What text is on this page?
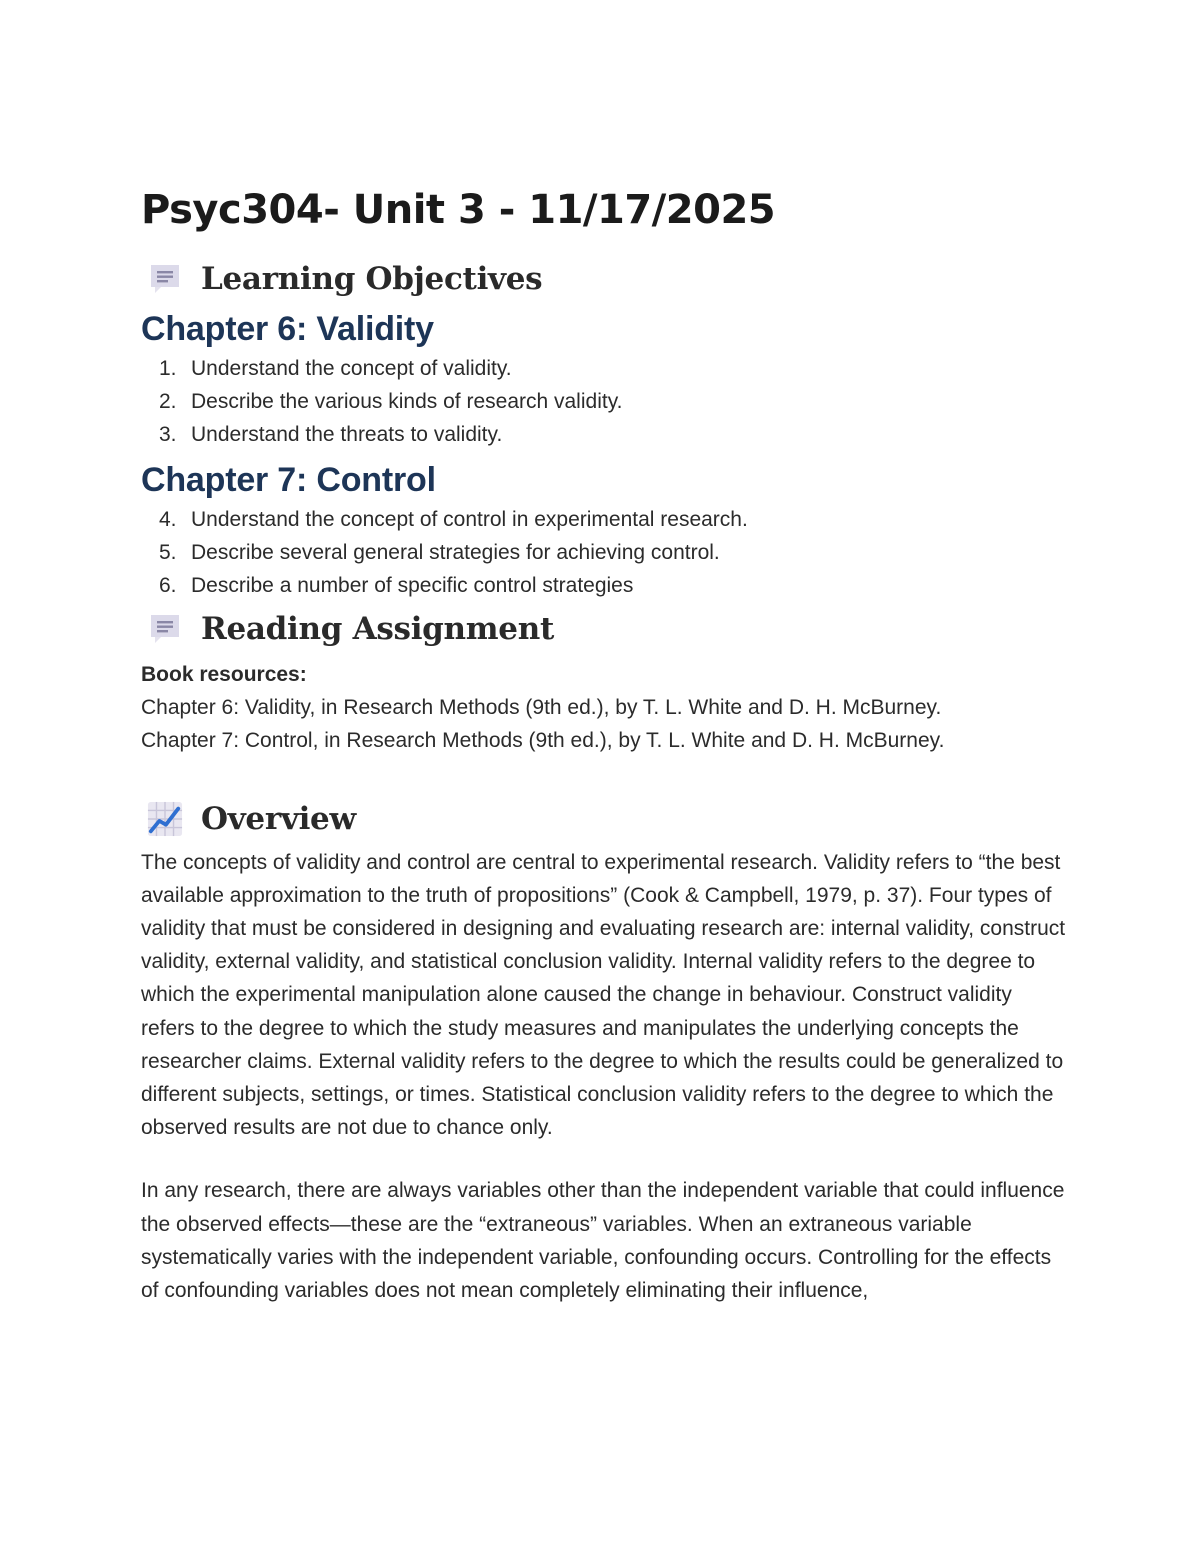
Psyc304- Unit 3 - 11/17/2025
Learning Objectives
Chapter 6: Validity
1. Understand the concept of validity.
2. Describe the various kinds of research validity.
3. Understand the threats to validity.
Chapter 7: Control
4. Understand the concept of control in experimental research.
5. Describe several general strategies for achieving control.
6. Describe a number of specific control strategies
Reading Assignment

Book resources:

Chapter 6: Validity, in Research Methods (9th ed.), by T. L. White and D. H. McBurney.

Chapter 7: Control, in Research Methods (9th ed.), by T. L. White and D. H. McBurney.

Overview

The concepts of validity and control are central to experimental research. Validity refers to “the best available approximation to the truth of propositions” (Cook & Campbell, 1979, p. 37). Four types of validity that must be considered in designing and evaluating research are: internal validity, construct validity, external validity, and statistical conclusion validity. Internal validity refers to the degree to which the experimental manipulation alone caused the change in behaviour. Construct validity refers to the degree to which the study measures and manipulates the underlying concepts the researcher claims. External validity refers to the degree to which the results could be generalized to different subjects, settings, or times. Statistical conclusion validity refers to the degree to which the observed results are not due to chance only.

In any research, there are always variables other than the independent variable that could influence the observed effects—these are the “extraneous” variables. When an extraneous variable systematically varies with the independent variable, confounding occurs. Controlling for the effects of confounding variables does not mean completely eliminating their influence,
